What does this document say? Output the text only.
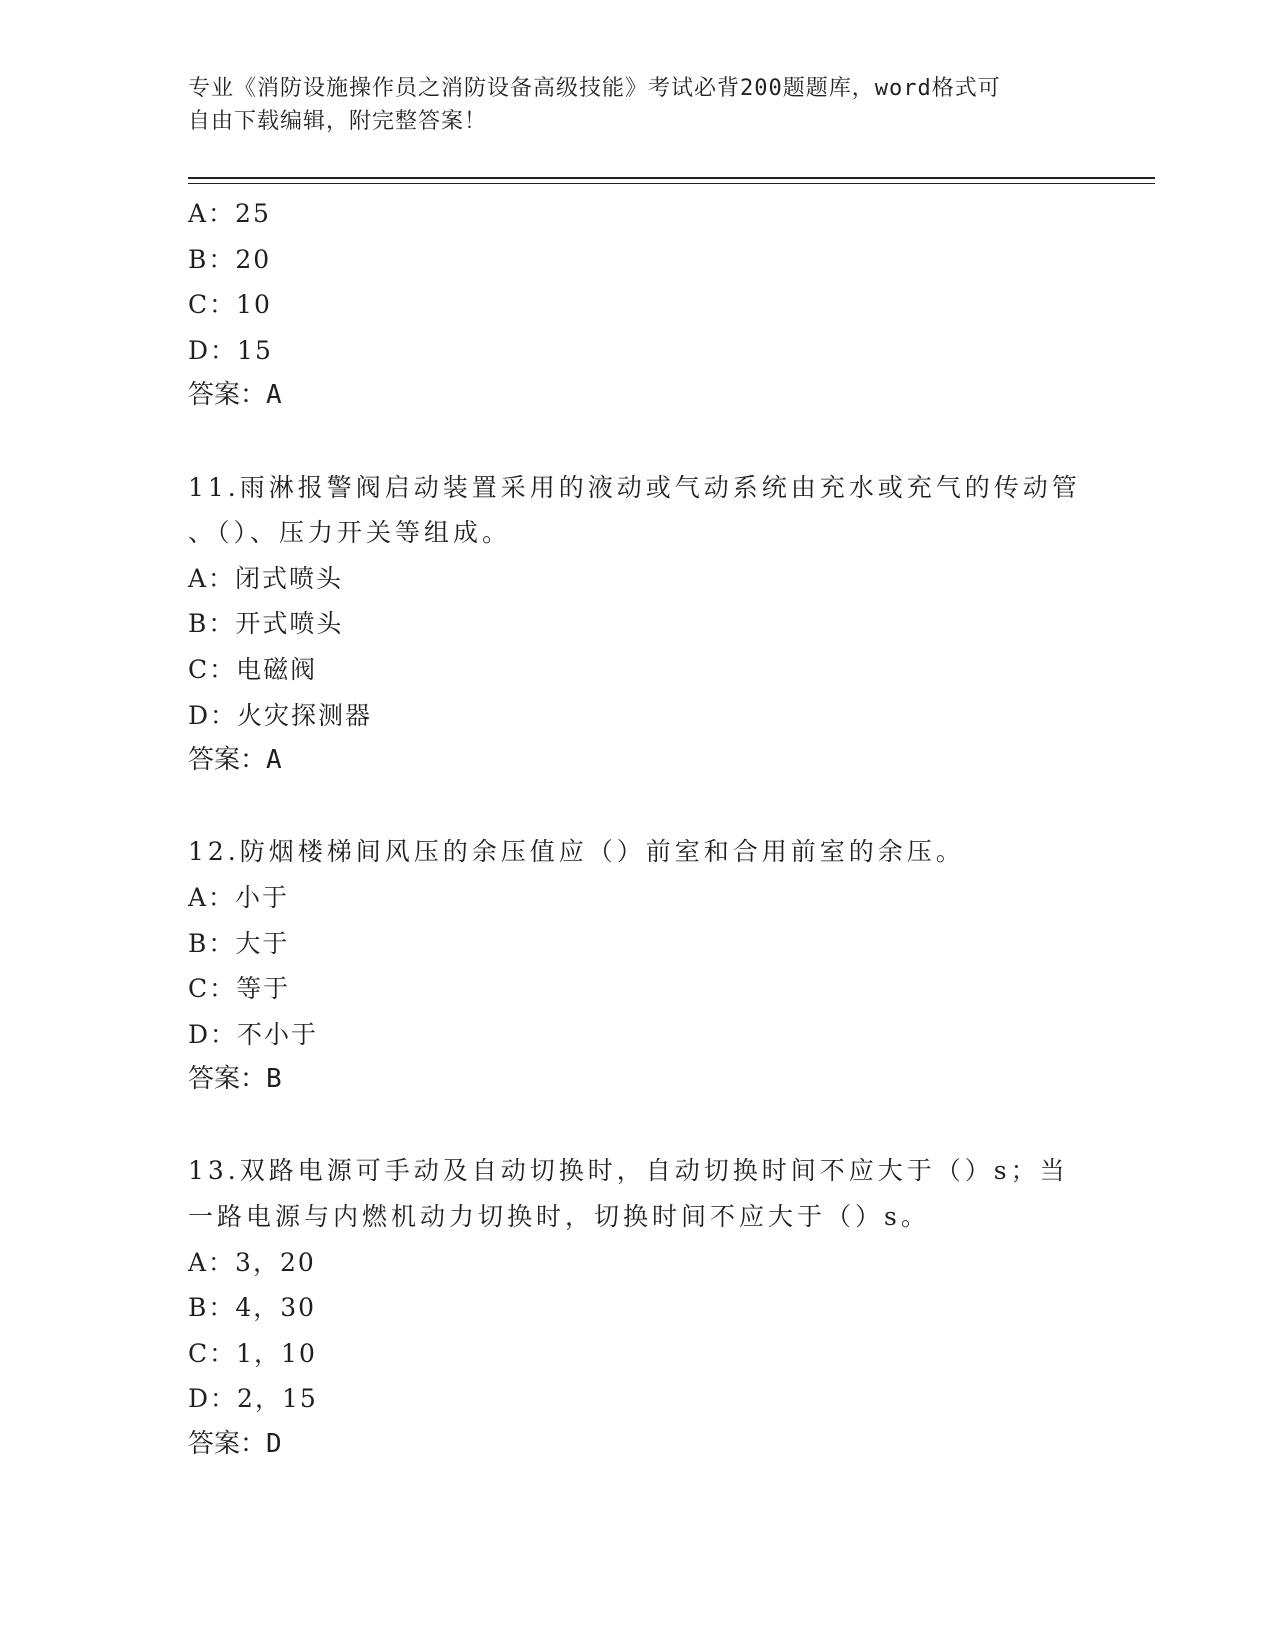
专业《消防设施操作员之消防设备高级技能》考试必背200题题库，word格式可
自由下载编辑，附完整答案！
A：25
B：20
C：10
D：15
答案：A
11.雨淋报警阀启动装置采用的液动或气动系统由充水或充气的传动管
、（）、压力开关等组成。
A：闭式喷头
B：开式喷头
C：电磁阀
D：火灾探测器
答案：A
12.防烟楼梯间风压的余压值应（）前室和合用前室的余压。
A：小于
B：大于
C：等于
D：不小于
答案：B
13.双路电源可手动及自动切换时，自动切换时间不应大于（）s；当
一路电源与内燃机动力切换时，切换时间不应大于（）s。
A：3，20
B：4，30
C：1，10
D：2，15
答案：D
